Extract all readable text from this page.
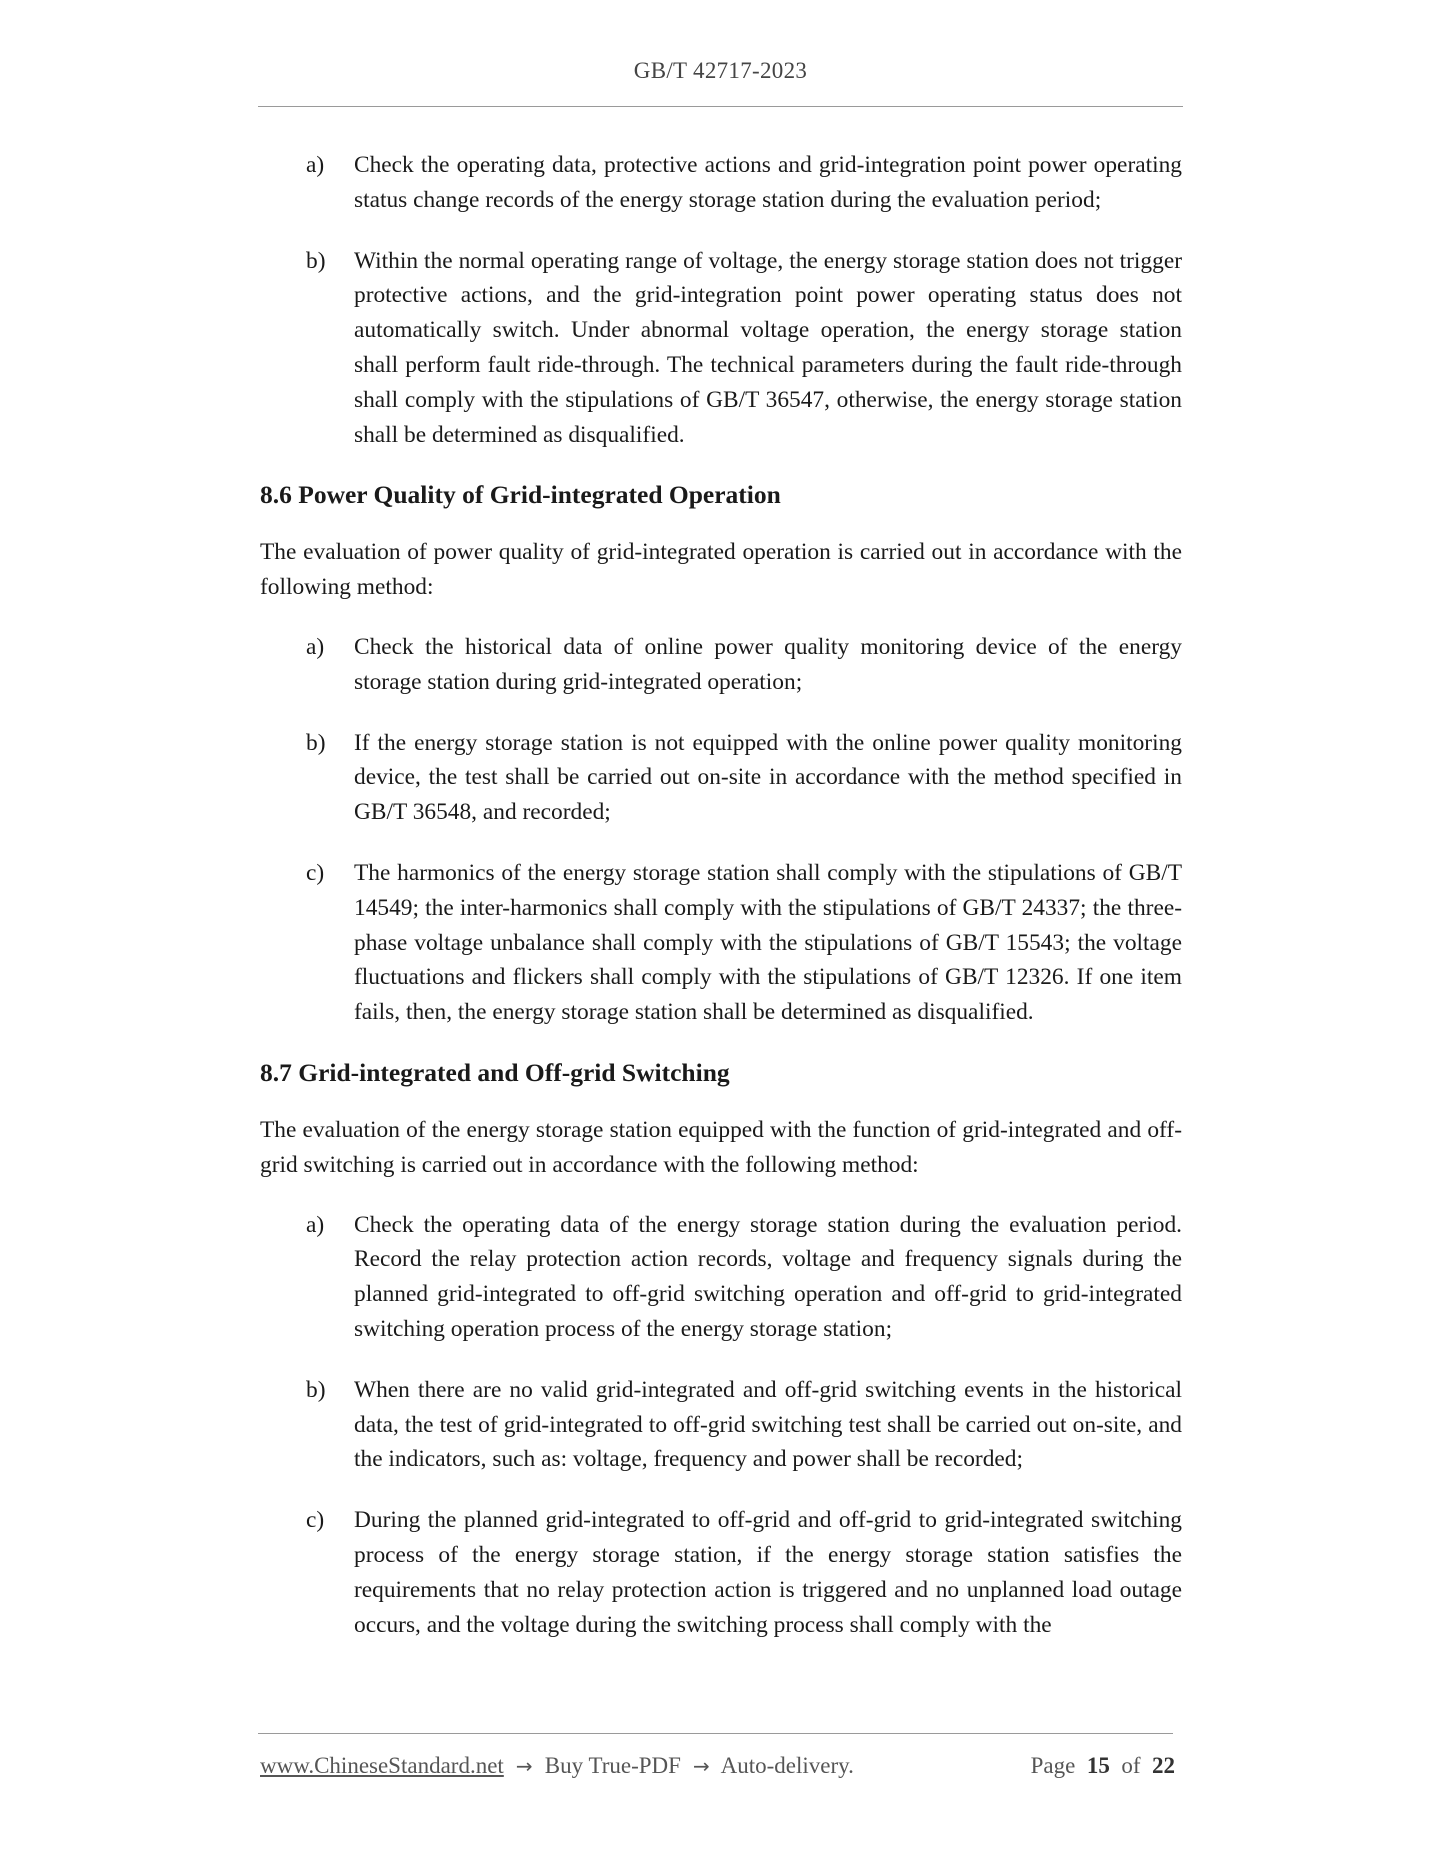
GB/T 42717-2023
a) Check the operating data, protective actions and grid-integration point power operating status change records of the energy storage station during the evaluation period;
b) Within the normal operating range of voltage, the energy storage station does not trigger protective actions, and the grid-integration point power operating status does not automatically switch. Under abnormal voltage operation, the energy storage station shall perform fault ride-through. The technical parameters during the fault ride-through shall comply with the stipulations of GB/T 36547, otherwise, the energy storage station shall be determined as disqualified.
8.6 Power Quality of Grid-integrated Operation
The evaluation of power quality of grid-integrated operation is carried out in accordance with the following method:
a) Check the historical data of online power quality monitoring device of the energy storage station during grid-integrated operation;
b) If the energy storage station is not equipped with the online power quality monitoring device, the test shall be carried out on-site in accordance with the method specified in GB/T 36548, and recorded;
c) The harmonics of the energy storage station shall comply with the stipulations of GB/T 14549; the inter-harmonics shall comply with the stipulations of GB/T 24337; the three-phase voltage unbalance shall comply with the stipulations of GB/T 15543; the voltage fluctuations and flickers shall comply with the stipulations of GB/T 12326. If one item fails, then, the energy storage station shall be determined as disqualified.
8.7 Grid-integrated and Off-grid Switching
The evaluation of the energy storage station equipped with the function of grid-integrated and off-grid switching is carried out in accordance with the following method:
a) Check the operating data of the energy storage station during the evaluation period. Record the relay protection action records, voltage and frequency signals during the planned grid-integrated to off-grid switching operation and off-grid to grid-integrated switching operation process of the energy storage station;
b) When there are no valid grid-integrated and off-grid switching events in the historical data, the test of grid-integrated to off-grid switching test shall be carried out on-site, and the indicators, such as: voltage, frequency and power shall be recorded;
c) During the planned grid-integrated to off-grid and off-grid to grid-integrated switching process of the energy storage station, if the energy storage station satisfies the requirements that no relay protection action is triggered and no unplanned load outage occurs, and the voltage during the switching process shall comply with the
www.ChineseStandard.net  →  Buy True-PDF  →  Auto-delivery.	Page 15 of 22
